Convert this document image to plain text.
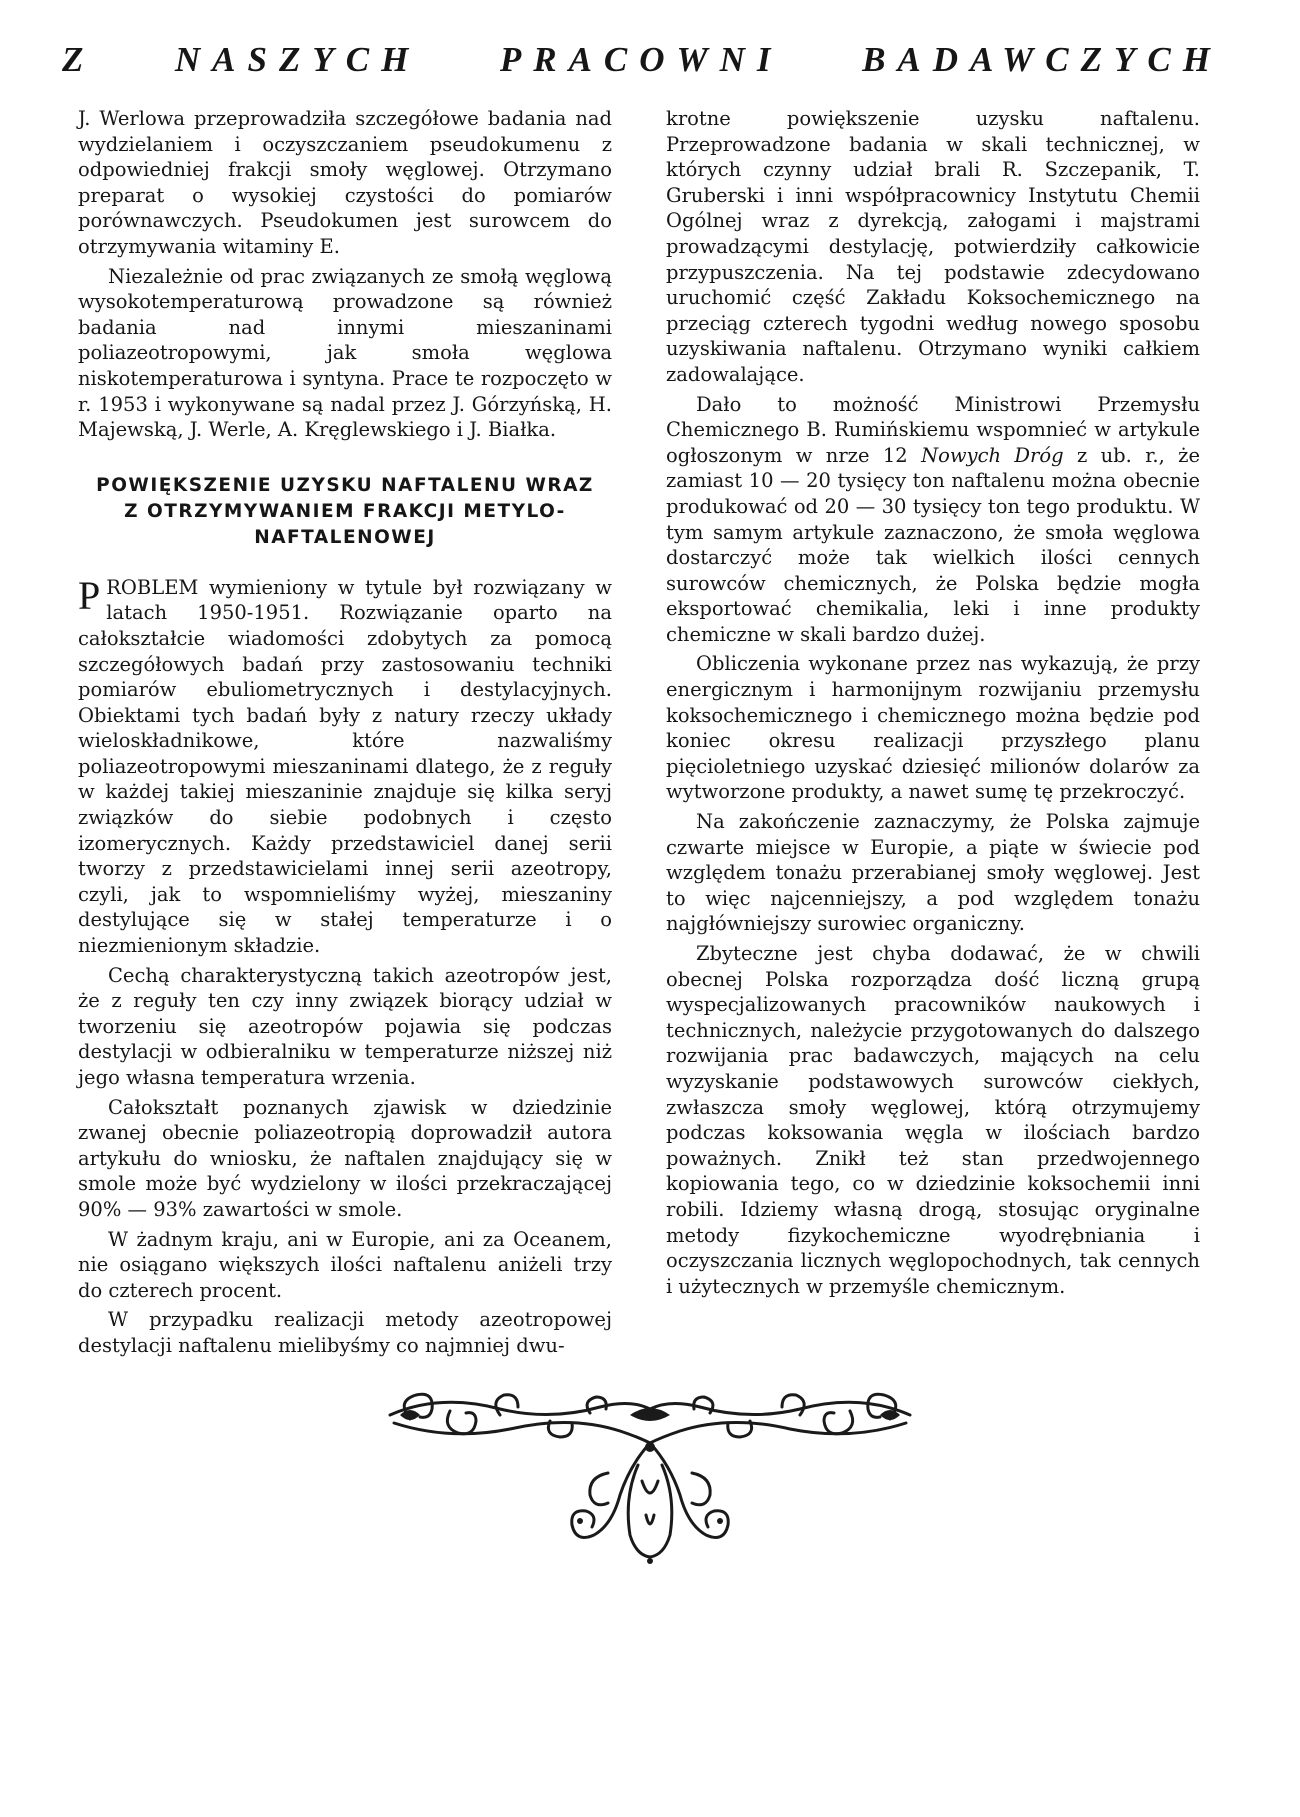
Z NASZYCH PRACOWNI BADAWCZYCH

J. Werlowa przeprowadziła szczegółowe badania nad wydzielaniem i oczyszczaniem pseudokumenu z odpowiedniej frakcji smoły węglowej. Otrzymano preparat o wysokiej czystości do pomiarów porównawczych. Pseudokumen jest surowcem do otrzymywania witaminy E.

Niezależnie od prac związanych ze smołą węglową wysokotemperaturową prowadzone są również badania nad innymi mieszaninami poliazeotropowymi, jak smoła węglowa niskotemperaturowa i syntyna. Prace te rozpoczęto w r. 1953 i wykonywane są nadal przez J. Górzyńską, H. Majewską, J. Werle, A. Kręglewskiego i J. Białka.

POWIĘKSZENIE UZYSKU NAFTALENU WRAZ
Z OTRZYMYWANIEM FRAKCJI METYLO-
NAFTALENOWEJ

PROBLEM wymieniony w tytule był rozwiązany w latach 1950-1951. Rozwiązanie oparto na całokształcie wiadomości zdobytych za pomocą szczegółowych badań przy zastosowaniu techniki pomiarów ebuliometrycznych i destylacyjnych. Obiektami tych badań były z natury rzeczy układy wieloskładnikowe, które nazwaliśmy poliazeotropowymi mieszaninami dlatego, że z reguły w każdej takiej mieszaninie znajduje się kilka seryj związków do siebie podobnych i często izomerycznych. Każdy przedstawiciel danej serii tworzy z przedstawicielami innej serii azeotropy, czyli, jak to wspomnieliśmy wyżej, mieszaniny destylujące się w stałej temperaturze i o niezmienionym składzie.

Cechą charakterystyczną takich azeotropów jest, że z reguły ten czy inny związek biorący udział w tworzeniu się azeotropów pojawia się podczas destylacji w odbieralniku w temperaturze niższej niż jego własna temperatura wrzenia.

Całokształt poznanych zjawisk w dziedzinie zwanej obecnie poliazeotropią doprowadził autora artykułu do wniosku, że naftalen znajdujący się w smole może być wydzielony w ilości przekraczającej 90% — 93% zawartości w smole.

W żadnym kraju, ani w Europie, ani za Oceanem, nie osiągano większych ilości naftalenu aniżeli trzy do czterech procent.

W przypadku realizacji metody azeotropowej destylacji naftalenu mielibyśmy co najmniej dwu-

krotne powiększenie uzysku naftalenu. Przeprowadzone badania w skali technicznej, w których czynny udział brali R. Szczepanik, T. Gruberski i inni współpracownicy Instytutu Chemii Ogólnej wraz z dyrekcją, załogami i majstrami prowadzącymi destylację, potwierdziły całkowicie przypuszczenia. Na tej podstawie zdecydowano uruchomić część Zakładu Koksochemicznego na przeciąg czterech tygodni według nowego sposobu uzyskiwania naftalenu. Otrzymano wyniki całkiem zadowalające.

Dało to możność Ministrowi Przemysłu Chemicznego B. Rumińskiemu wspomnieć w artykule ogłoszonym w nrze 12 Nowych Dróg z ub. r., że zamiast 10 — 20 tysięcy ton naftalenu można obecnie produkować od 20 — 30 tysięcy ton tego produktu. W tym samym artykule zaznaczono, że smoła węglowa dostarczyć może tak wielkich ilości cennych surowców chemicznych, że Polska będzie mogła eksportować chemikalia, leki i inne produkty chemiczne w skali bardzo dużej.

Obliczenia wykonane przez nas wykazują, że przy energicznym i harmonijnym rozwijaniu przemysłu koksochemicznego i chemicznego można będzie pod koniec okresu realizacji przyszłego planu pięcioletniego uzyskać dziesięć milionów dolarów za wytworzone produkty, a nawet sumę tę przekroczyć.

Na zakończenie zaznaczymy, że Polska zajmuje czwarte miejsce w Europie, a piąte w świecie pod względem tonażu przerabianej smoły węglowej. Jest to więc najcenniejszy, a pod względem tonażu najgłówniejszy surowiec organiczny.

Zbyteczne jest chyba dodawać, że w chwili obecnej Polska rozporządza dość liczną grupą wyspecjalizowanych pracowników naukowych i technicznych, należycie przygotowanych do dalszego rozwijania prac badawczych, mających na celu wyzyskanie podstawowych surowców ciekłych, zwłaszcza smoły węglowej, którą otrzymujemy podczas koksowania węgla w ilościach bardzo poważnych. Znikł też stan przedwojennego kopiowania tego, co w dziedzinie koksochemii inni robili. Idziemy własną drogą, stosując oryginalne metody fizykochemiczne wyodrębniania i oczyszczania licznych węglopochodnych, tak cennych i użytecznych w przemyśle chemicznym.
